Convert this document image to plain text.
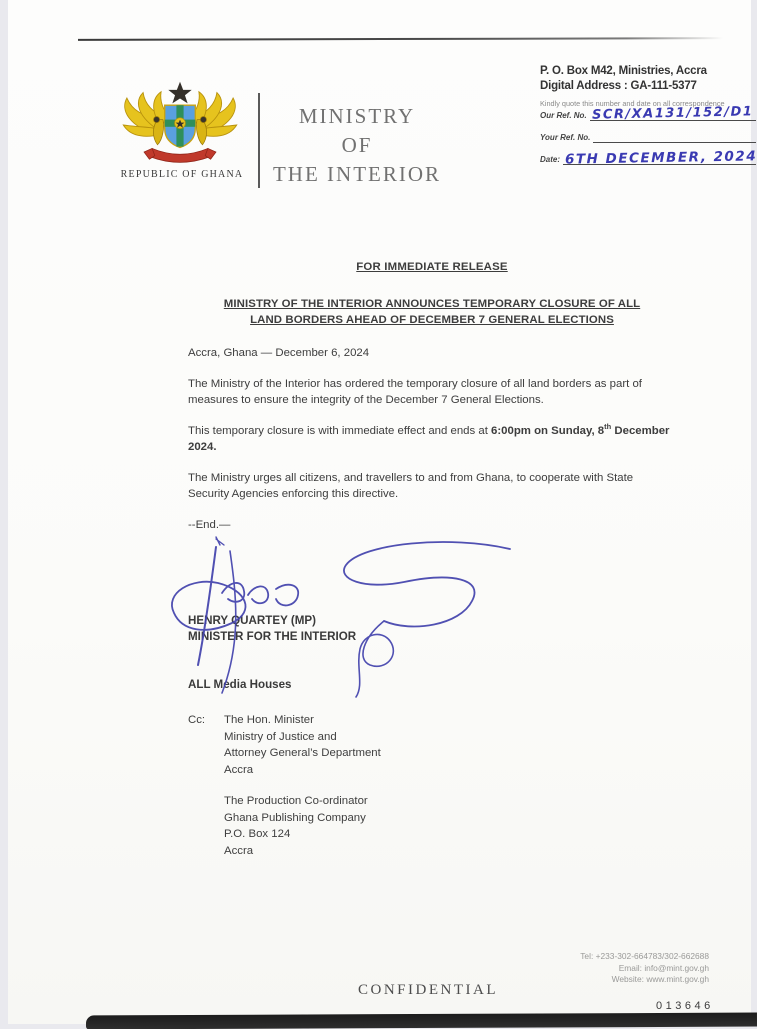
REPUBLIC OF GHANA
MINISTRY
OF
THE INTERIOR
P. O. Box M42, Ministries, Accra
Digital Address : GA-111-5377
Kindly quote this number and date on all correspondence
Our Ref. No. SCR/XA131/152/D1
Your Ref. No.
Date: 6TH DECEMBER, 2024
FOR IMMEDIATE RELEASE
MINISTRY OF THE INTERIOR ANNOUNCES TEMPORARY CLOSURE OF ALL
LAND BORDERS AHEAD OF DECEMBER 7 GENERAL ELECTIONS
Accra, Ghana — December 6, 2024

The Ministry of the Interior has ordered the temporary closure of all land borders as part of measures to ensure the integrity of the December 7 General Elections.

This temporary closure is with immediate effect and ends at 6:00pm on Sunday, 8th December 2024.

The Ministry urges all citizens, and travellers to and from Ghana, to cooperate with State Security Agencies enforcing this directive.

--End.—
HENRY QUARTEY (MP)
MINISTER FOR THE INTERIOR
ALL Media Houses
Cc:	The Hon. Minister
Ministry of Justice and
Attorney General’s Department
Accra
The Production Co-ordinator
Ghana Publishing Company
P.O. Box 124
Accra
Tel: +233-302-664783/302-662688
Email: info@mint.gov.gh
Website: www.mint.gov.gh
CONFIDENTIAL
013646
